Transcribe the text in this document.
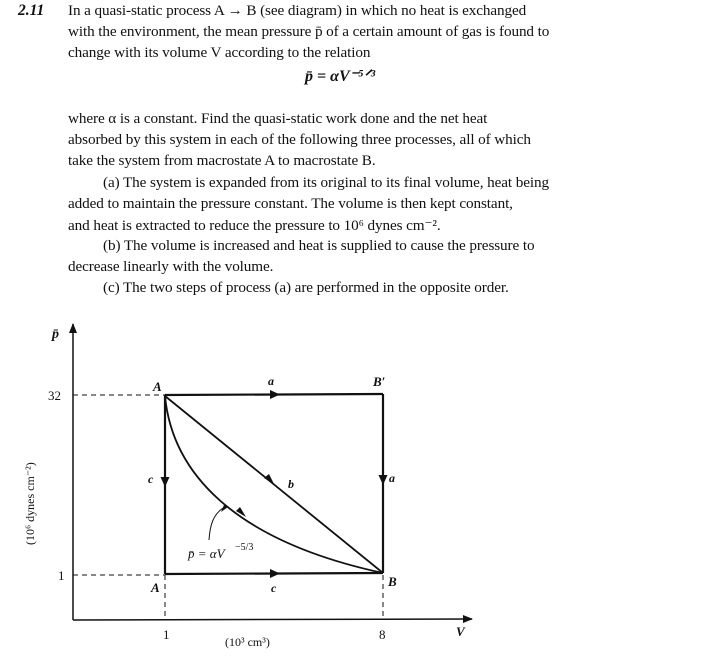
2.11 In a quasi-static process A → B (see diagram) in which no heat is exchanged
with the environment, the mean pressure p̄ of a certain amount of gas is found to
change with its volume V according to the relation
p̄ = αV⁻⁵ᐟ³
where α is a constant. Find the quasi-static work done and the net heat
absorbed by this system in each of the following three processes, all of which
take the system from macrostate A to macrostate B.
(a) The system is expanded from its original to its final volume, heat being
added to maintain the pressure constant. The volume is then kept constant,
and heat is extracted to reduce the pressure to 10⁶ dynes cm⁻².
(b) The volume is increased and heat is supplied to cause the pressure to
decrease linearly with the volume.
(c) The two steps of process (a) are performed in the opposite order.
p̄
(10⁶ dynes cm⁻²)
V
(10³ cm³)
32
1
1	8
A	B′
B
A
a
a
b
c
c
p̄ = αV −5/3
